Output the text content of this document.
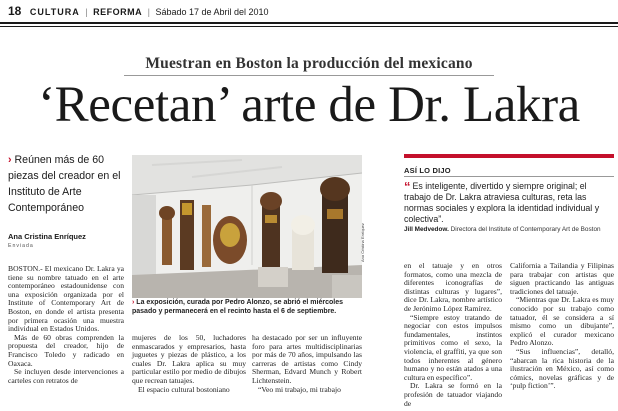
18 CULTURA | REFORMA | Sábado 17 de Abril del 2010
Muestran en Boston la producción del mexicano
‘Recetan’ arte de Dr. Lakra
› Reúnen más de 60 piezas del creador en el Instituto de Arte Contemporáneo
Ana Cristina Enríquez
Enviada	Ana Cristina Enríquez
› La exposición, curada por Pedro Alonzo, se abrió el miércoles pasado y permanecerá en el recinto hasta el 6 de septiembre.
ASÍ LO DIJO
“ Es inteligente, divertido y siempre original; el trabajo de Dr. Lakra atraviesa culturas, reta las normas sociales y explora la identidad individual y colectiva”.
Jill Medvedow. Directora del Institute of Contemporary Art de Boston

BOSTON.- El mexicano Dr. Lakra ya tiene su nombre tatuado en el arte contemporáneo estadounidense con una exposición organizada por el Institute of Contemporary Art de Boston, en donde el artista presenta por primera ocasión una muestra individual en Estados Unidos.

Más de 60 obras comprenden la propuesta del creador, hijo de Francisco Toledo y radicado en Oaxaca.

Se incluyen desde intervenciones a carteles con retratos de

mujeres de los 50, luchadores enmascarados y empresarios, hasta juguetes y piezas de plástico, a los cuales Dr. Lakra aplica su muy particular estilo por medio de dibujos que recrean tatuajes.

El espacio cultural bostoniano

ha destacado por ser un influyente foro para artes multidisciplinarias por más de 70 años, impulsando las carreras de artistas como Cindy Sherman, Edvard Munch y Robert Lichtenstein.

“Veo mi trabajo, mi trabajo

en el tatuaje y en otros formatos, como una mezcla de diferentes iconografías de distintas culturas y lugares”, dice Dr. Lakra, nombre artístico de Jerónimo López Ramírez.

“Siempre estoy tratando de negociar con estos impulsos fundamentales, instintos primitivos como el sexo, la violencia, el graffiti, ya que son todos inherentes al género humano y no están atados a una cultura en específico”.

Dr. Lakra se formó en la profesión de tatuador viajando de

California a Tailandia y Filipinas para trabajar con artistas que siguen practicando las antiguas tradiciones del tatuaje.

“Mientras que Dr. Lakra es muy conocido por su trabajo como tatuador, él se considera a sí mismo como un dibujante”, explicó el curador mexicano Pedro Alonzo.

“Sus influencias”, detalló, “abarcan la rica historia de la ilustración en México, así como cómics, novelas gráficas y de ‘pulp fiction’”.
